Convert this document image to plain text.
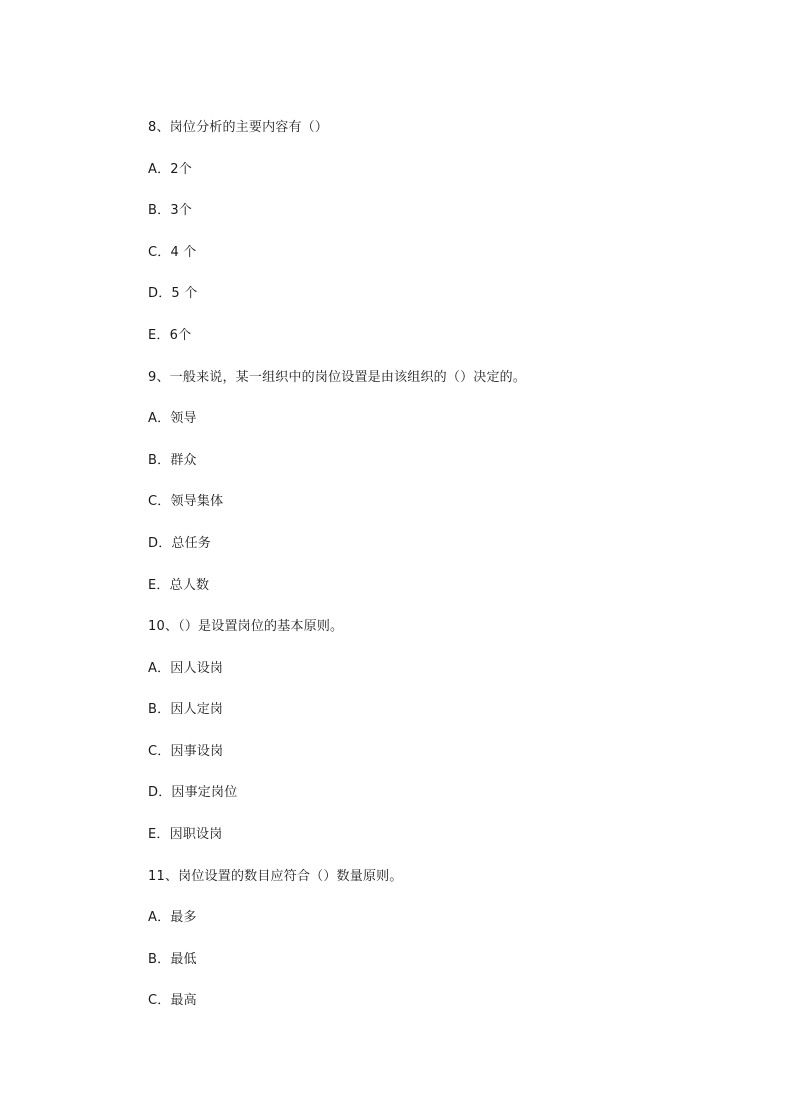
8、岗位分析的主要内容有（）
A．2个
B．3个
C．4 个
D．5 个
E．6个
9、一般来说，某一组织中的岗位设置是由该组织的（）决定的。
A．领导
B．群众
C．领导集体
D．总任务
E．总人数
10、（）是设置岗位的基本原则。
A．因人设岗
B．因人定岗
C．因事设岗
D．因事定岗位
E．因职设岗
11、岗位设置的数目应符合（）数量原则。
A．最多
B．最低
C．最高
